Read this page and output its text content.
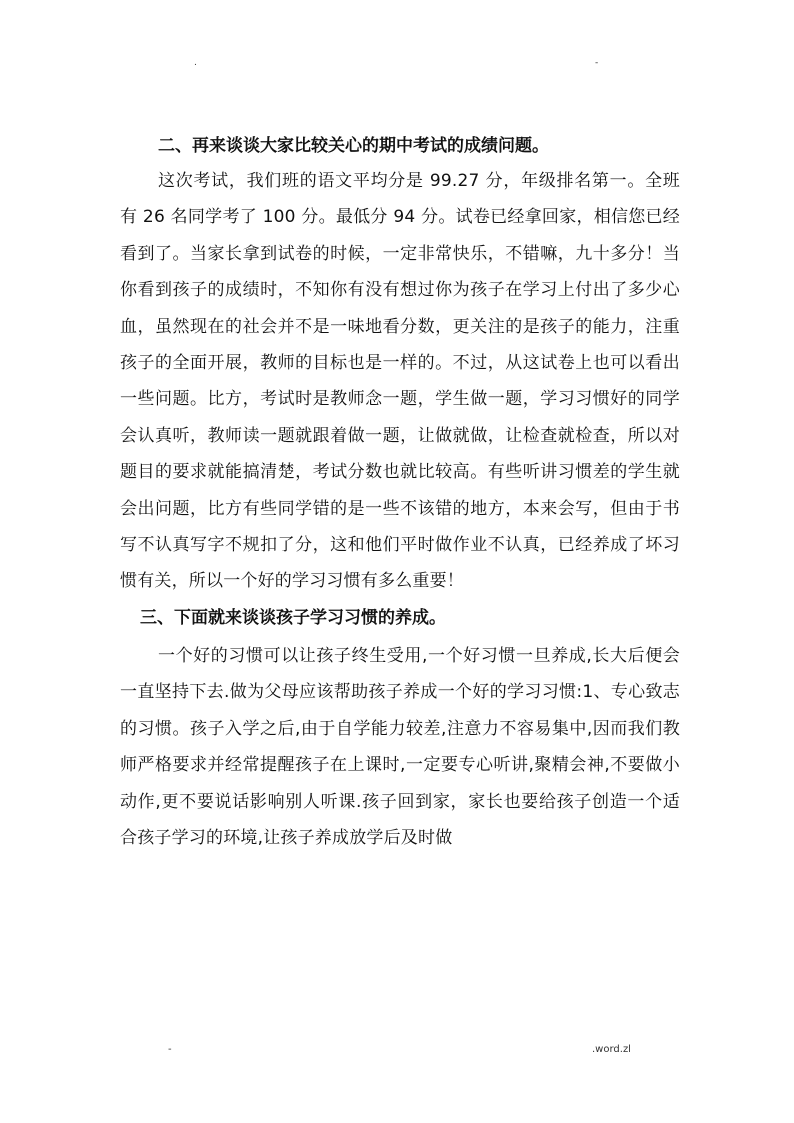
.	-
二、再来谈谈大家比较关心的期中考试的成绩问题。

这次考试，我们班的语文平均分是 99.27 分，年级排名第一。全班有 26 名同学考了 100 分。最低分 94 分。试卷已经拿回家，相信您已经看到了。当家长拿到试卷的时候，一定非常快乐，不错嘛，九十多分！当你看到孩子的成绩时，不知你有没有想过你为孩子在学习上付出了多少心血，虽然现在的社会并不是一味地看分数，更关注的是孩子的能力，注重孩子的全面开展，教师的目标也是一样的。不过，从这试卷上也可以看出一些问题。比方，考试时是教师念一题，学生做一题，学习习惯好的同学会认真听，教师读一题就跟着做一题，让做就做，让检查就检查，所以对题目的要求就能搞清楚，考试分数也就比较高。有些听讲习惯差的学生就会出问题，比方有些同学错的是一些不该错的地方，本来会写，但由于书写不认真写字不规扣了分，这和他们平时做作业不认真，已经养成了坏习惯有关，所以一个好的学习习惯有多么重要！

三、下面就来谈谈孩子学习习惯的养成。

一个好的习惯可以让孩子终生受用,一个好习惯一旦养成,长大后便会一直坚持下去.做为父母应该帮助孩子养成一个好的学习习惯:1、专心致志的习惯。孩子入学之后,由于自学能力较差,注意力不容易集中,因而我们教师严格要求并经常提醒孩子在上课时,一定要专心听讲,聚精会神,不要做小动作,更不要说话影响别人听课.孩子回到家，家长也要给孩子创造一个适合孩子学习的环境,让孩子养成放学后及时做

-	.word.zl
